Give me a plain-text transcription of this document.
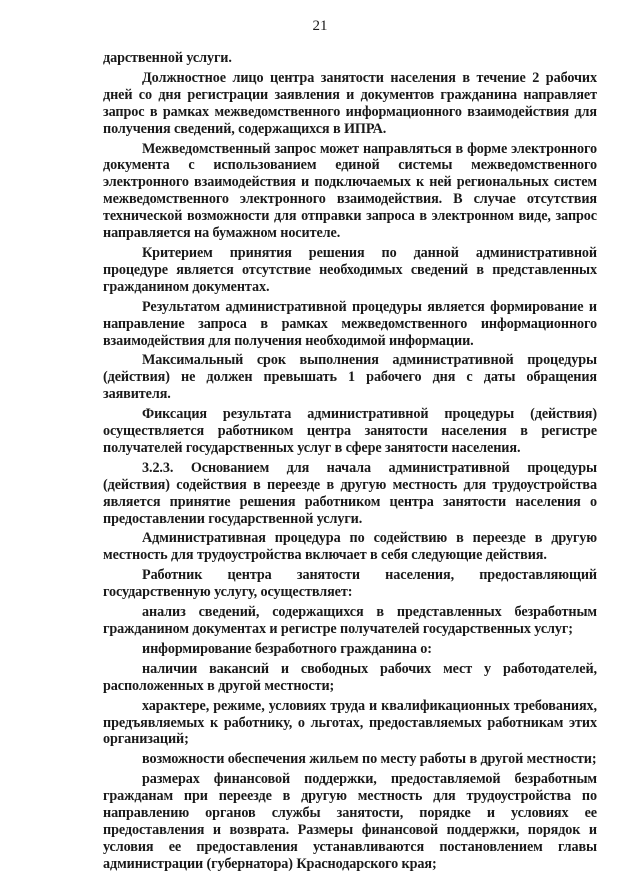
21

дарственной услуги.

Должностное лицо центра занятости населения в течение 2 рабочих дней со дня регистрации заявления и документов гражданина направляет запрос в рамках межведомственного информационного взаимодействия для получения сведений, содержащихся в ИПРА.

Межведомственный запрос может направляться в форме электронного документа с использованием единой системы межведомственного электронного взаимодействия и подключаемых к ней региональных систем межведомственного электронного взаимодействия. В случае отсутствия технической возможности для отправки запроса в электронном виде, запрос направляется на бумажном носителе.

Критерием принятия решения по данной административной процедуре является отсутствие необходимых сведений в представленных гражданином документах.

Результатом административной процедуры является формирование и направление запроса в рамках межведомственного информационного взаимодействия для получения необходимой информации.

Максимальный срок выполнения административной процедуры (действия) не должен превышать 1 рабочего дня с даты обращения заявителя.

Фиксация результата административной процедуры (действия) осуществляется работником центра занятости населения в регистре получателей государственных услуг в сфере занятости населения.

3.2.3. Основанием для начала административной процедуры (действия) содействия в переезде в другую местность для трудоустройства является принятие решения работником центра занятости населения о предоставлении государственной услуги.

Административная процедура по содействию в переезде в другую местность для трудоустройства включает в себя следующие действия.

Работник центра занятости населения, предоставляющий государственную услугу, осуществляет:

анализ сведений, содержащихся в представленных безработным гражданином документах и регистре получателей государственных услуг;

информирование безработного гражданина о:

наличии вакансий и свободных рабочих мест у работодателей, расположенных в другой местности;

характере, режиме, условиях труда и квалификационных требованиях, предъявляемых к работнику, о льготах, предоставляемых работникам этих организаций;

возможности обеспечения жильем по месту работы в другой местности;

размерах финансовой поддержки, предоставляемой безработным гражданам при переезде в другую местность для трудоустройства по направлению органов службы занятости, порядке и условиях ее предоставления и возврата. Размеры финансовой поддержки, порядок и условия ее предоставления устанавливаются постановлением главы администрации (губернатора) Краснодарского края;
